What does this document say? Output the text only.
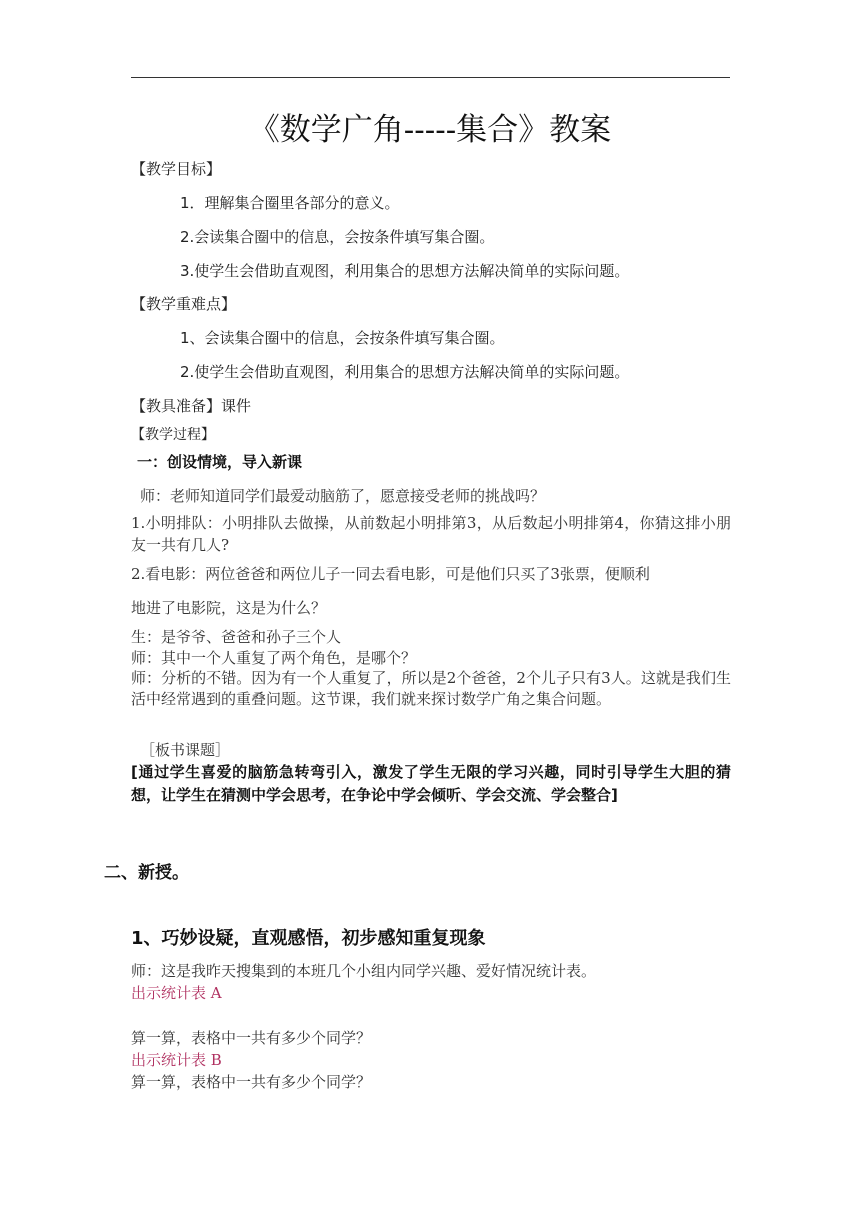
《数学广角-----集合》教案
【教学目标】
1．理解集合圈里各部分的意义。
2.会读集合圈中的信息，会按条件填写集合圈。
3.使学生会借助直观图，利用集合的思想方法解决简单的实际问题。
【教学重难点】
1、会读集合圈中的信息，会按条件填写集合圈。
2.使学生会借助直观图，利用集合的思想方法解决简单的实际问题。
【教具准备】课件
【教学过程】
一：创设情境，导入新课
师：老师知道同学们最爱动脑筋了，愿意接受老师的挑战吗？
1.小明排队：小明排队去做操，从前数起小明排第3，从后数起小明排第4，你猜这排小朋友一共有几人?
2.看电影：两位爸爸和两位儿子一同去看电影，可是他们只买了3张票，便顺利
地进了电影院，这是为什么？
生：是爷爷、爸爸和孙子三个人
师：其中一个人重复了两个角色，是哪个？
师：分析的不错。因为有一个人重复了，所以是2个爸爸，2个儿子只有3人。这就是我们生活中经常遇到的重叠问题。这节课，我们就来探讨数学广角之集合问题。
［板书课题］
[通过学生喜爱的脑筋急转弯引入，激发了学生无限的学习兴趣，同时引导学生大胆的猜想，让学生在猜测中学会思考，在争论中学会倾听、学会交流、学会整合]
二、新授。
1、巧妙设疑，直观感悟，初步感知重复现象
师：这是我昨天搜集到的本班几个小组内同学兴趣、爱好情况统计表。
出示统计表 A
算一算，表格中一共有多少个同学？
出示统计表 B
算一算，表格中一共有多少个同学？
